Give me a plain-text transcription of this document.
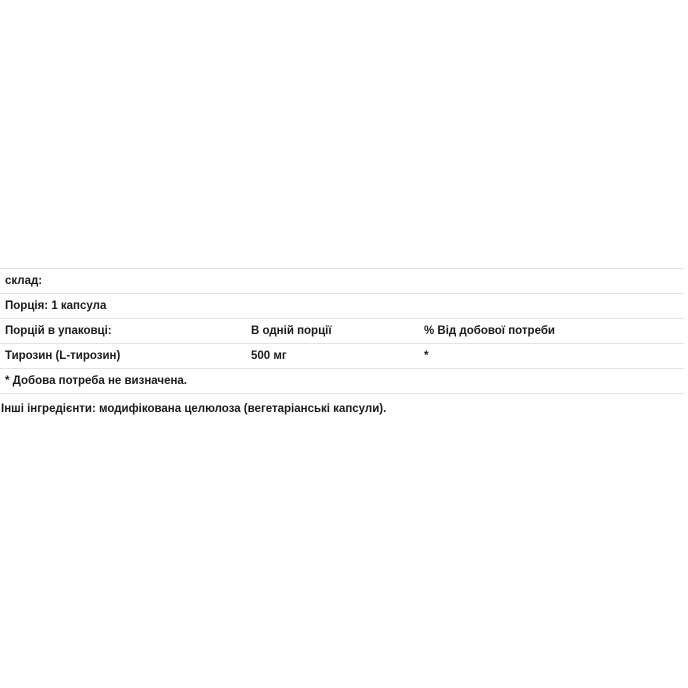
склад:
Порція: 1 капсула
Порцій в упаковці:	В одній порції	% Від добової потреби
Тирозин (L-тирозин)	500 мг	*
* Добова потреба не визначена.
Інші інгредієнти: модифікована целюлоза (вегетаріанські капсули).
